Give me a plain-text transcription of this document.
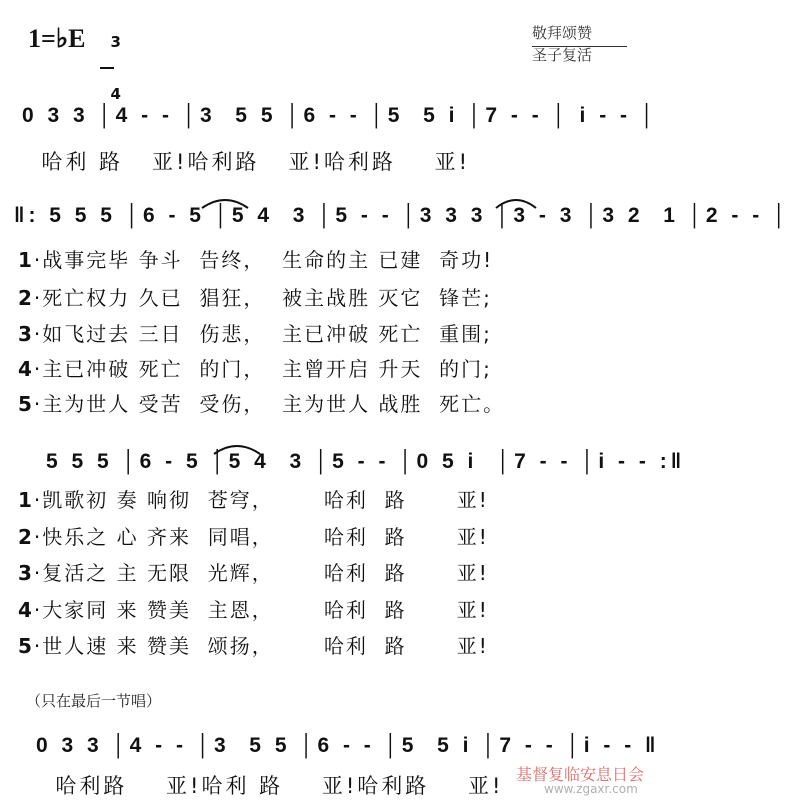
1=♭E	3

4

敬拜颂赞
圣子复活
0 3 3 │4 - - │3  5 5 │6 - - │5  5 i │7 - - │ i - - │
哈利 路   亚!哈利路   亚!哈利路    亚!
‖: 5 5 5 │6 - 5 │5 4  3 │5 - - │3 3 3 │3 - 3 │3 2  1 │2 - - │
1·战事完毕 争斗  告终，  生命的主 已建  奇功!
2·死亡权力 久已  猖狂，  被主战胜 灭它  锋芒;
3·如飞过去 三日  伤悲，  主已冲破 死亡  重围;
4·主已冲破 死亡  的门，  主曾开启 升天  的门;
5·主为世人 受苦  受伤，  主为世人 战胜  死亡。
5 5 5 │6 - 5 │5 4  3 │5 - - │0 5 i  │7 - - │i - - :‖
1·凯歌初 奏 响彻  苍穹，      哈利  路      亚!
2·快乐之 心 齐来  同唱，      哈利  路      亚!
3·复活之 主 无限  光辉，      哈利  路      亚!
4·大家同 来 赞美  主恩，      哈利  路      亚!
5·世人速 来 赞美  颂扬，      哈利  路      亚!
（只在最后一节唱）
0 3 3 │4 - - │3  5 5 │6 - - │5  5 i │7 - - │i - - ‖
哈利路    亚!哈利 路    亚!哈利路    亚! 基督复临安息日会
www.zgaxr.com
